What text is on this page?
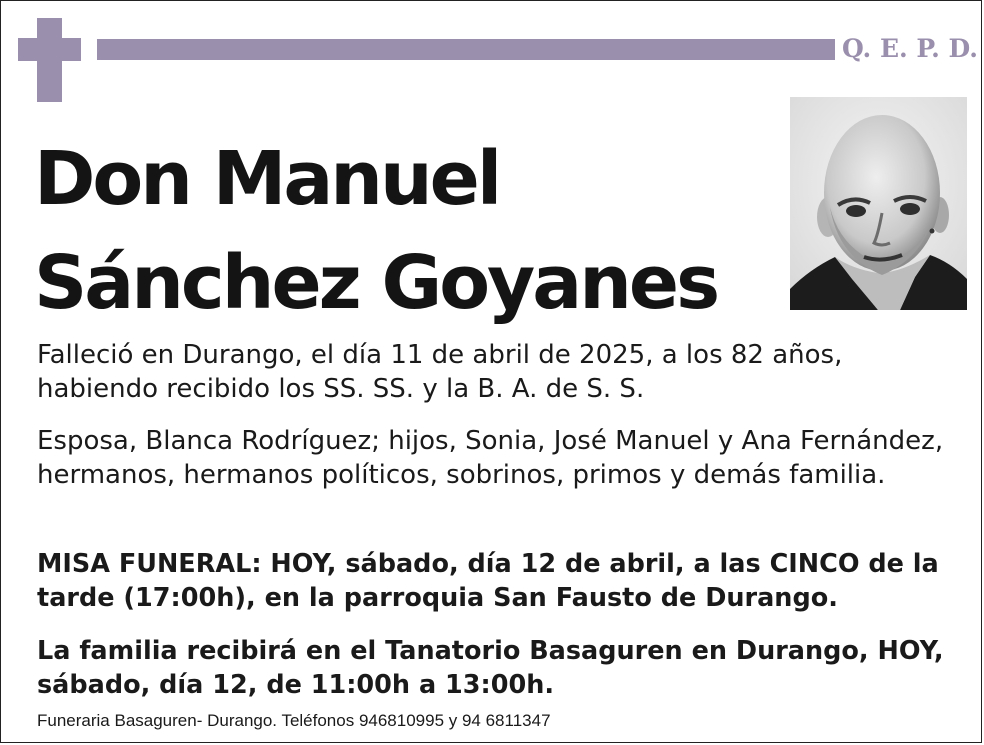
Q. E. P. D.
Don Manuel
Sánchez Goyanes
Falleció en Durango, el día 11 de abril de 2025, a los 82 años, habiendo recibido los SS. SS. y la B. A. de S. S.
Esposa, Blanca Rodríguez; hijos, Sonia, José Manuel y Ana Fernández, hermanos, hermanos políticos, sobrinos, primos y demás familia.
MISA FUNERAL: HOY, sábado, día 12 de abril, a las CINCO de la tarde (17:00h), en la parroquia San Fausto de Durango.
La familia recibirá en el Tanatorio Basaguren en Durango, HOY, sábado, día 12, de 11:00h a 13:00h.
Funeraria Basaguren- Durango. Teléfonos 946810995 y 94 6811347
